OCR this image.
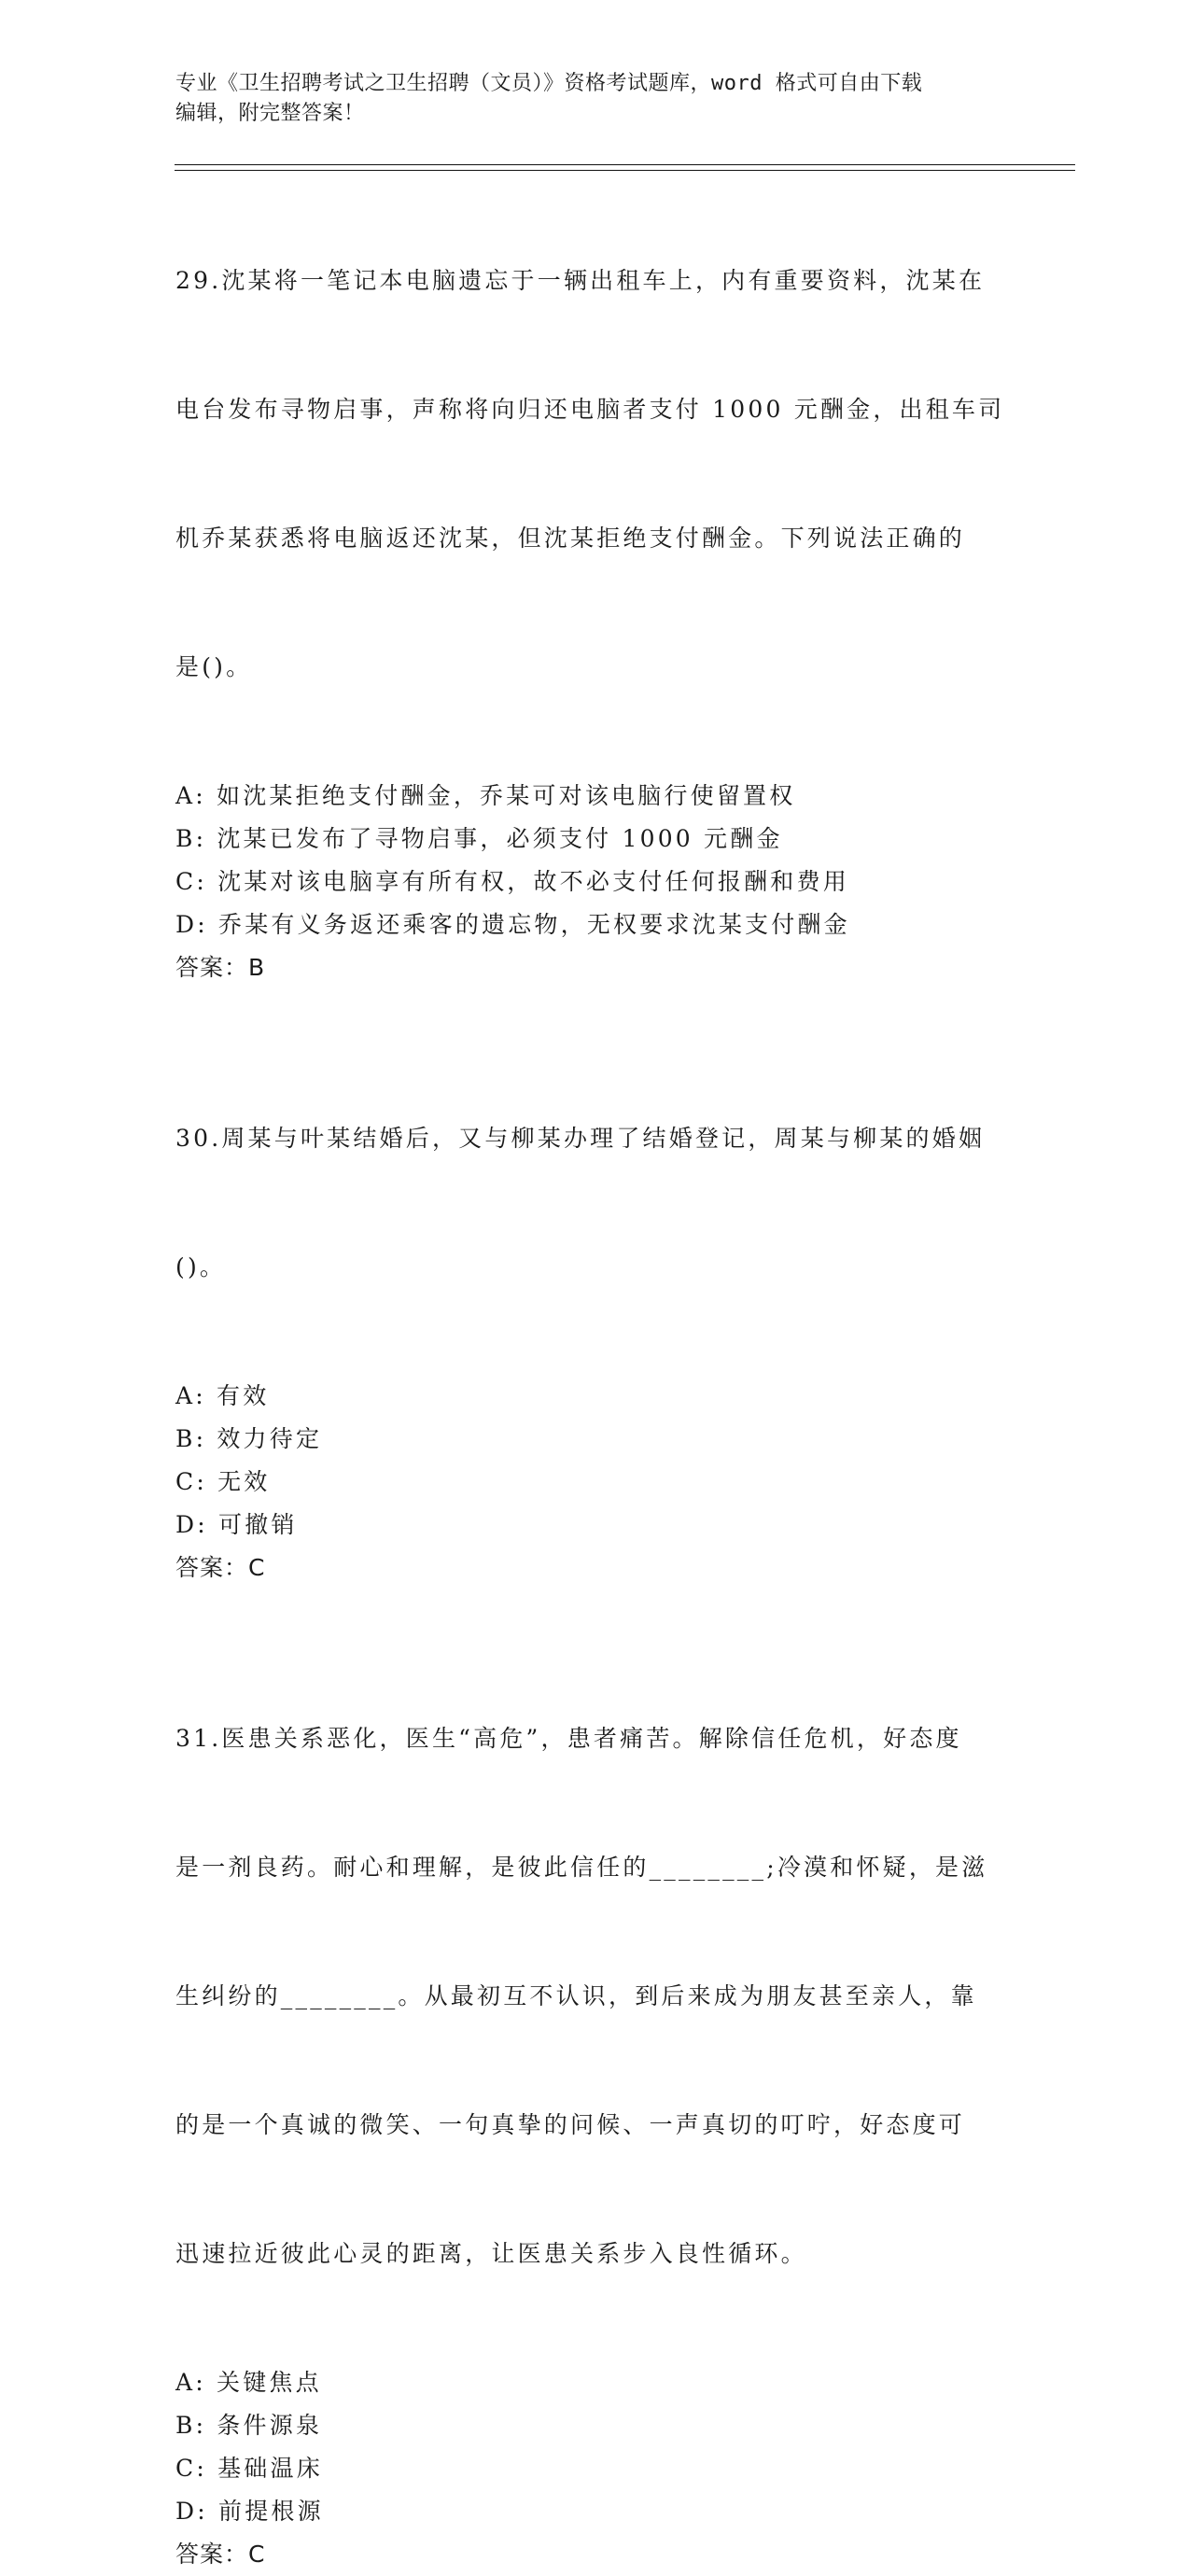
专业《卫生招聘考试之卫生招聘（文员）》资格考试题库，word 格式可自由下载
编辑，附完整答案！

29.沈某将一笔记本电脑遗忘于一辆出租车上，内有重要资料，沈某在

电台发布寻物启事，声称将向归还电脑者支付 1000 元酬金，出租车司

机乔某获悉将电脑返还沈某，但沈某拒绝支付酬金。下列说法正确的

是()。

A: 如沈某拒绝支付酬金，乔某可对该电脑行使留置权
B: 沈某已发布了寻物启事，必须支付 1000 元酬金
C: 沈某对该电脑享有所有权，故不必支付任何报酬和费用
D: 乔某有义务返还乘客的遗忘物，无权要求沈某支付酬金
答案：B

30.周某与叶某结婚后，又与柳某办理了结婚登记，周某与柳某的婚姻

()。

A: 有效
B: 效力待定
C: 无效
D: 可撤销
答案：C

31.医患关系恶化，医生“高危”，患者痛苦。解除信任危机，好态度

是一剂良药。耐心和理解，是彼此信任的________;冷漠和怀疑，是滋

生纠纷的________。从最初互不认识，到后来成为朋友甚至亲人，靠

的是一个真诚的微笑、一句真挚的问候、一声真切的叮咛，好态度可

迅速拉近彼此心灵的距离，让医患关系步入良性循环。

A: 关键焦点
B: 条件源泉
C: 基础温床
D: 前提根源
答案：C
